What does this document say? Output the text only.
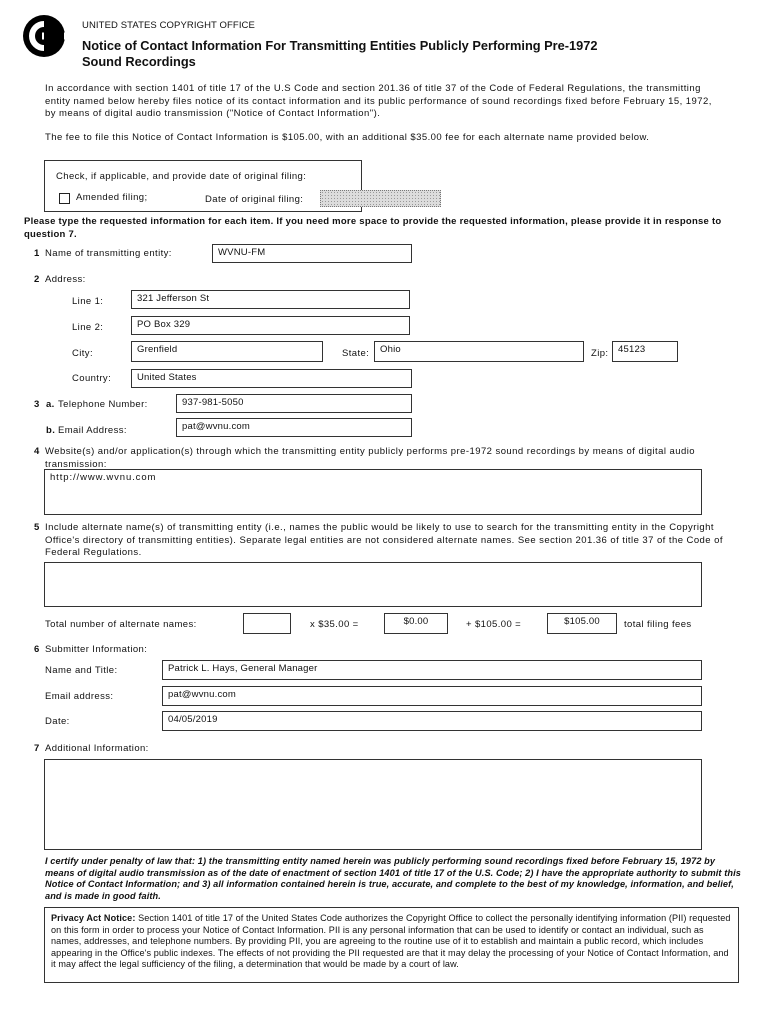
UNITED STATES COPYRIGHT OFFICE
Notice of Contact Information For Transmitting Entities Publicly Performing Pre-1972
Sound Recordings
In accordance with section 1401 of title 17 of the U.S Code and section 201.36 of title 37 of the Code of Federal Regulations, the transmitting entity named below hereby files notice of its contact information and its public performance of sound recordings fixed before February 15, 1972, by means of digital audio transmission ("Notice of Contact Information").
The fee to file this Notice of Contact Information is $105.00, with an additional $35.00 fee for each alternate name provided below.
Check, if applicable, and provide date of original filing:
Amended filing;	Date of original filing:
Please type the requested information for each item. If you need more space to provide the requested information, please provide it in response to question 7.
1 Name of transmitting entity:	WVNU-FM
2 Address:
Line 1:	321 Jefferson St
Line 2:	PO Box 329
City:	Grenfield	State:	Ohio	Zip:	45123
Country:	United States
3 a. Telephone Number:	937-981-5050
b. Email Address:	pat@wvnu.com
4 Website(s) and/or application(s) through which the transmitting entity publicly performs pre-1972 sound recordings by means of digital audio transmission:
http://www.wvnu.com
5 Include alternate name(s) of transmitting entity (i.e., names the public would be likely to use to search for the transmitting entity in the Copyright Office's directory of transmitting entities). Separate legal entities are not considered alternate names. See section 201.36 of title 37 of the Code of Federal Regulations.
Total number of alternate names:	x $35.00 =	$0.00	+ $105.00 =	$105.00	total filing fees
6 Submitter Information:
Name and Title:	Patrick L. Hays, General Manager
Email address:	pat@wvnu.com
Date:	04/05/2019
7 Additional Information:
I certify under penalty of law that: 1) the transmitting entity named herein was publicly performing sound recordings fixed before February 15, 1972 by means of digital audio transmission as of the date of enactment of section 1401 of title 17 of the U.S. Code; 2) I have the appropriate authority to submit this Notice of Contact Information; and 3) all information contained herein is true, accurate, and complete to the best of my knowledge, information, and belief, and is made in good faith.
Privacy Act Notice: Section 1401 of title 17 of the United States Code authorizes the Copyright Office to collect the personally identifying information (PII) requested on this form in order to process your Notice of Contact Information. PII is any personal information that can be used to identify or contact an individual, such as names, addresses, and telephone numbers. By providing PII, you are agreeing to the routine use of it to establish and maintain a public record, which includes appearing in the Office's public indexes. The effects of not providing the PII requested are that it may delay the processing of your Notice of Contact Information, and it may affect the legal sufficiency of the filing, a determination that would be made by a court of law.
